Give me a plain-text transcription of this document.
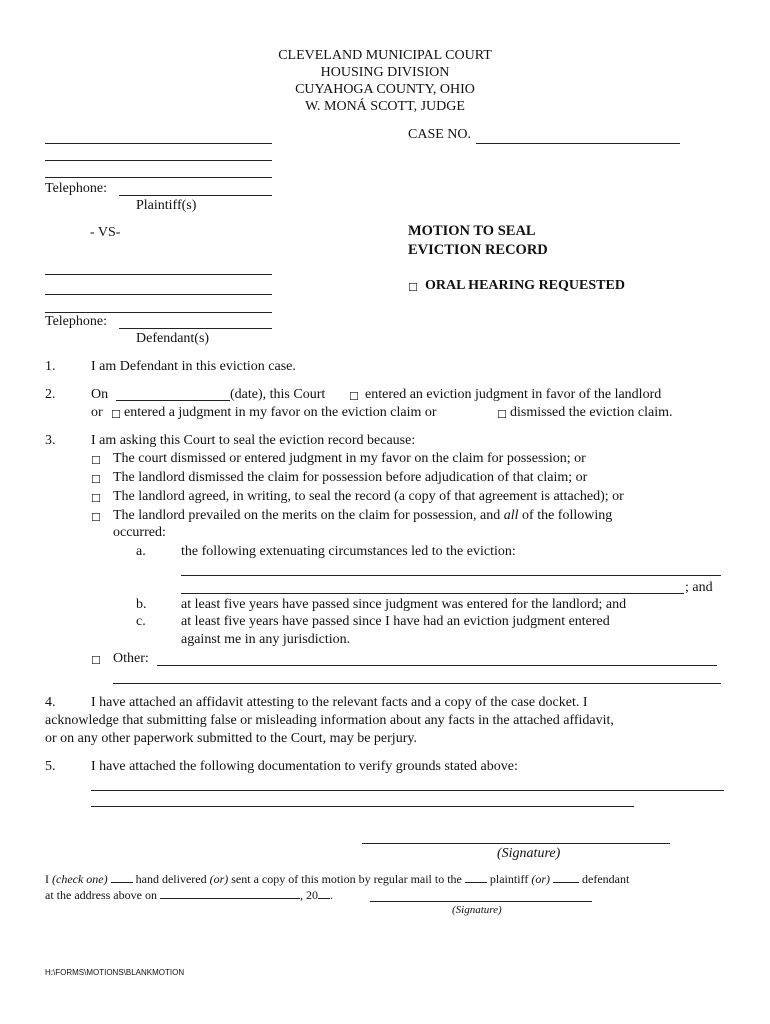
CLEVELAND MUNICIPAL COURT
HOUSING DIVISION
CUYAHOGA COUNTY, OHIO
W. MONÁ SCOTT, JUDGE
Telephone:
Plaintiff(s)
CASE NO.
- VS-	MOTION TO SEAL
EVICTION RECORD
☐ ORAL HEARING REQUESTED
Telephone:
Defendant(s)
1.	I am Defendant in this eviction case.
2.	On	(date), this Court ☐ entered an eviction judgment in favor of the landlord
or ☐ entered a judgment in my favor on the eviction claim or	☐ dismissed the eviction claim.
3.	I am asking this Court to seal the eviction record because:
☐ The court dismissed or entered judgment in my favor on the claim for possession; or
☐ The landlord dismissed the claim for possession before adjudication of that claim; or
☐ The landlord agreed, in writing, to seal the record (a copy of that agreement is attached); or
☐ The landlord prevailed on the merits on the claim for possession, and all of the following
occurred:
a.	the following extenuating circumstances led to the eviction:
; and
b. at least five years have passed since judgment was entered for the landlord; and
c.	at least five years have passed since I have had an eviction judgment entered
against me in any jurisdiction.
☐ Other:
4.	I have attached an affidavit attesting to the relevant facts and a copy of the case docket. I
acknowledge that submitting false or misleading information about any facts in the attached affidavit,
or on any other paperwork submitted to the Court, may be perjury.
5.	I have attached the following documentation to verify grounds stated above:
(Signature)
I (check one) hand delivered (or) sent a copy of this motion by regular mail to the plaintiff (or)	defendant
at the address above on	, 20 .
(Signature)
H:\FORMS\MOTIONS\BLANKMOTION
